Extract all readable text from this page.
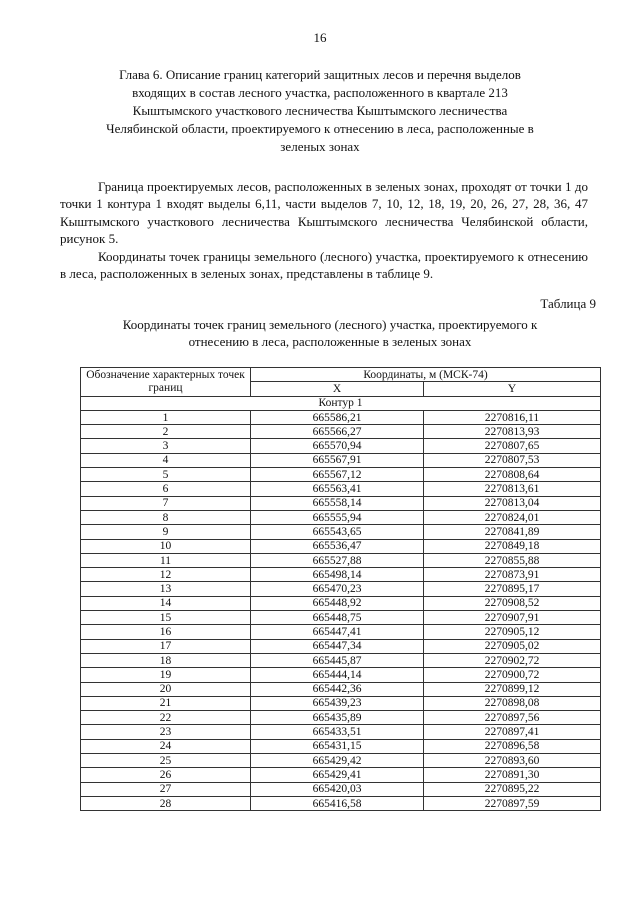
16
Глава 6. Описание границ категорий защитных лесов и перечня выделов
входящих в состав лесного участка, расположенного в квартале 213
Кыштымского участкового лесничества Кыштымского лесничества
Челябинской области, проектируемого к отнесению в леса, расположенные в
зеленых зонах

Граница проектируемых лесов, расположенных в зеленых зонах, проходят от точки 1 до точки 1 контура 1 входят выделы 6,11, части выделов 7, 10, 12, 18, 19, 20, 26, 27, 28, 36, 47 Кыштымского участкового лесничества Кыштымского лесничества Челябинской области, рисунок 5.

Координаты точек границы земельного (лесного) участка, проектируемого к отнесению в леса, расположенных в зеленых зонах, представлены в таблице 9.

Таблица 9
Координаты точек границ земельного (лесного) участка, проектируемого к
отнесению в леса, расположенные в зеленых зонах
Обозначение характерных точек границ	Координаты, м (МСК-74)	
	X	Y
Контур 1		
1	665586,21	2270816,11
2	665566,27	2270813,93
3	665570,94	2270807,65
4	665567,91	2270807,53
5	665567,12	2270808,64
6	665563,41	2270813,61
7	665558,14	2270813,04
8	665555,94	2270824,01
9	665543,65	2270841,89
10	665536,47	2270849,18
11	665527,88	2270855,88
12	665498,14	2270873,91
13	665470,23	2270895,17
14	665448,92	2270908,52
15	665448,75	2270907,91
16	665447,41	2270905,12
17	665447,34	2270905,02
18	665445,87	2270902,72
19	665444,14	2270900,72
20	665442,36	2270899,12
21	665439,23	2270898,08
22	665435,89	2270897,56
23	665433,51	2270897,41
24	665431,15	2270896,58
25	665429,42	2270893,60
26	665429,41	2270891,30
27	665420,03	2270895,22
28	665416,58	2270897,59
